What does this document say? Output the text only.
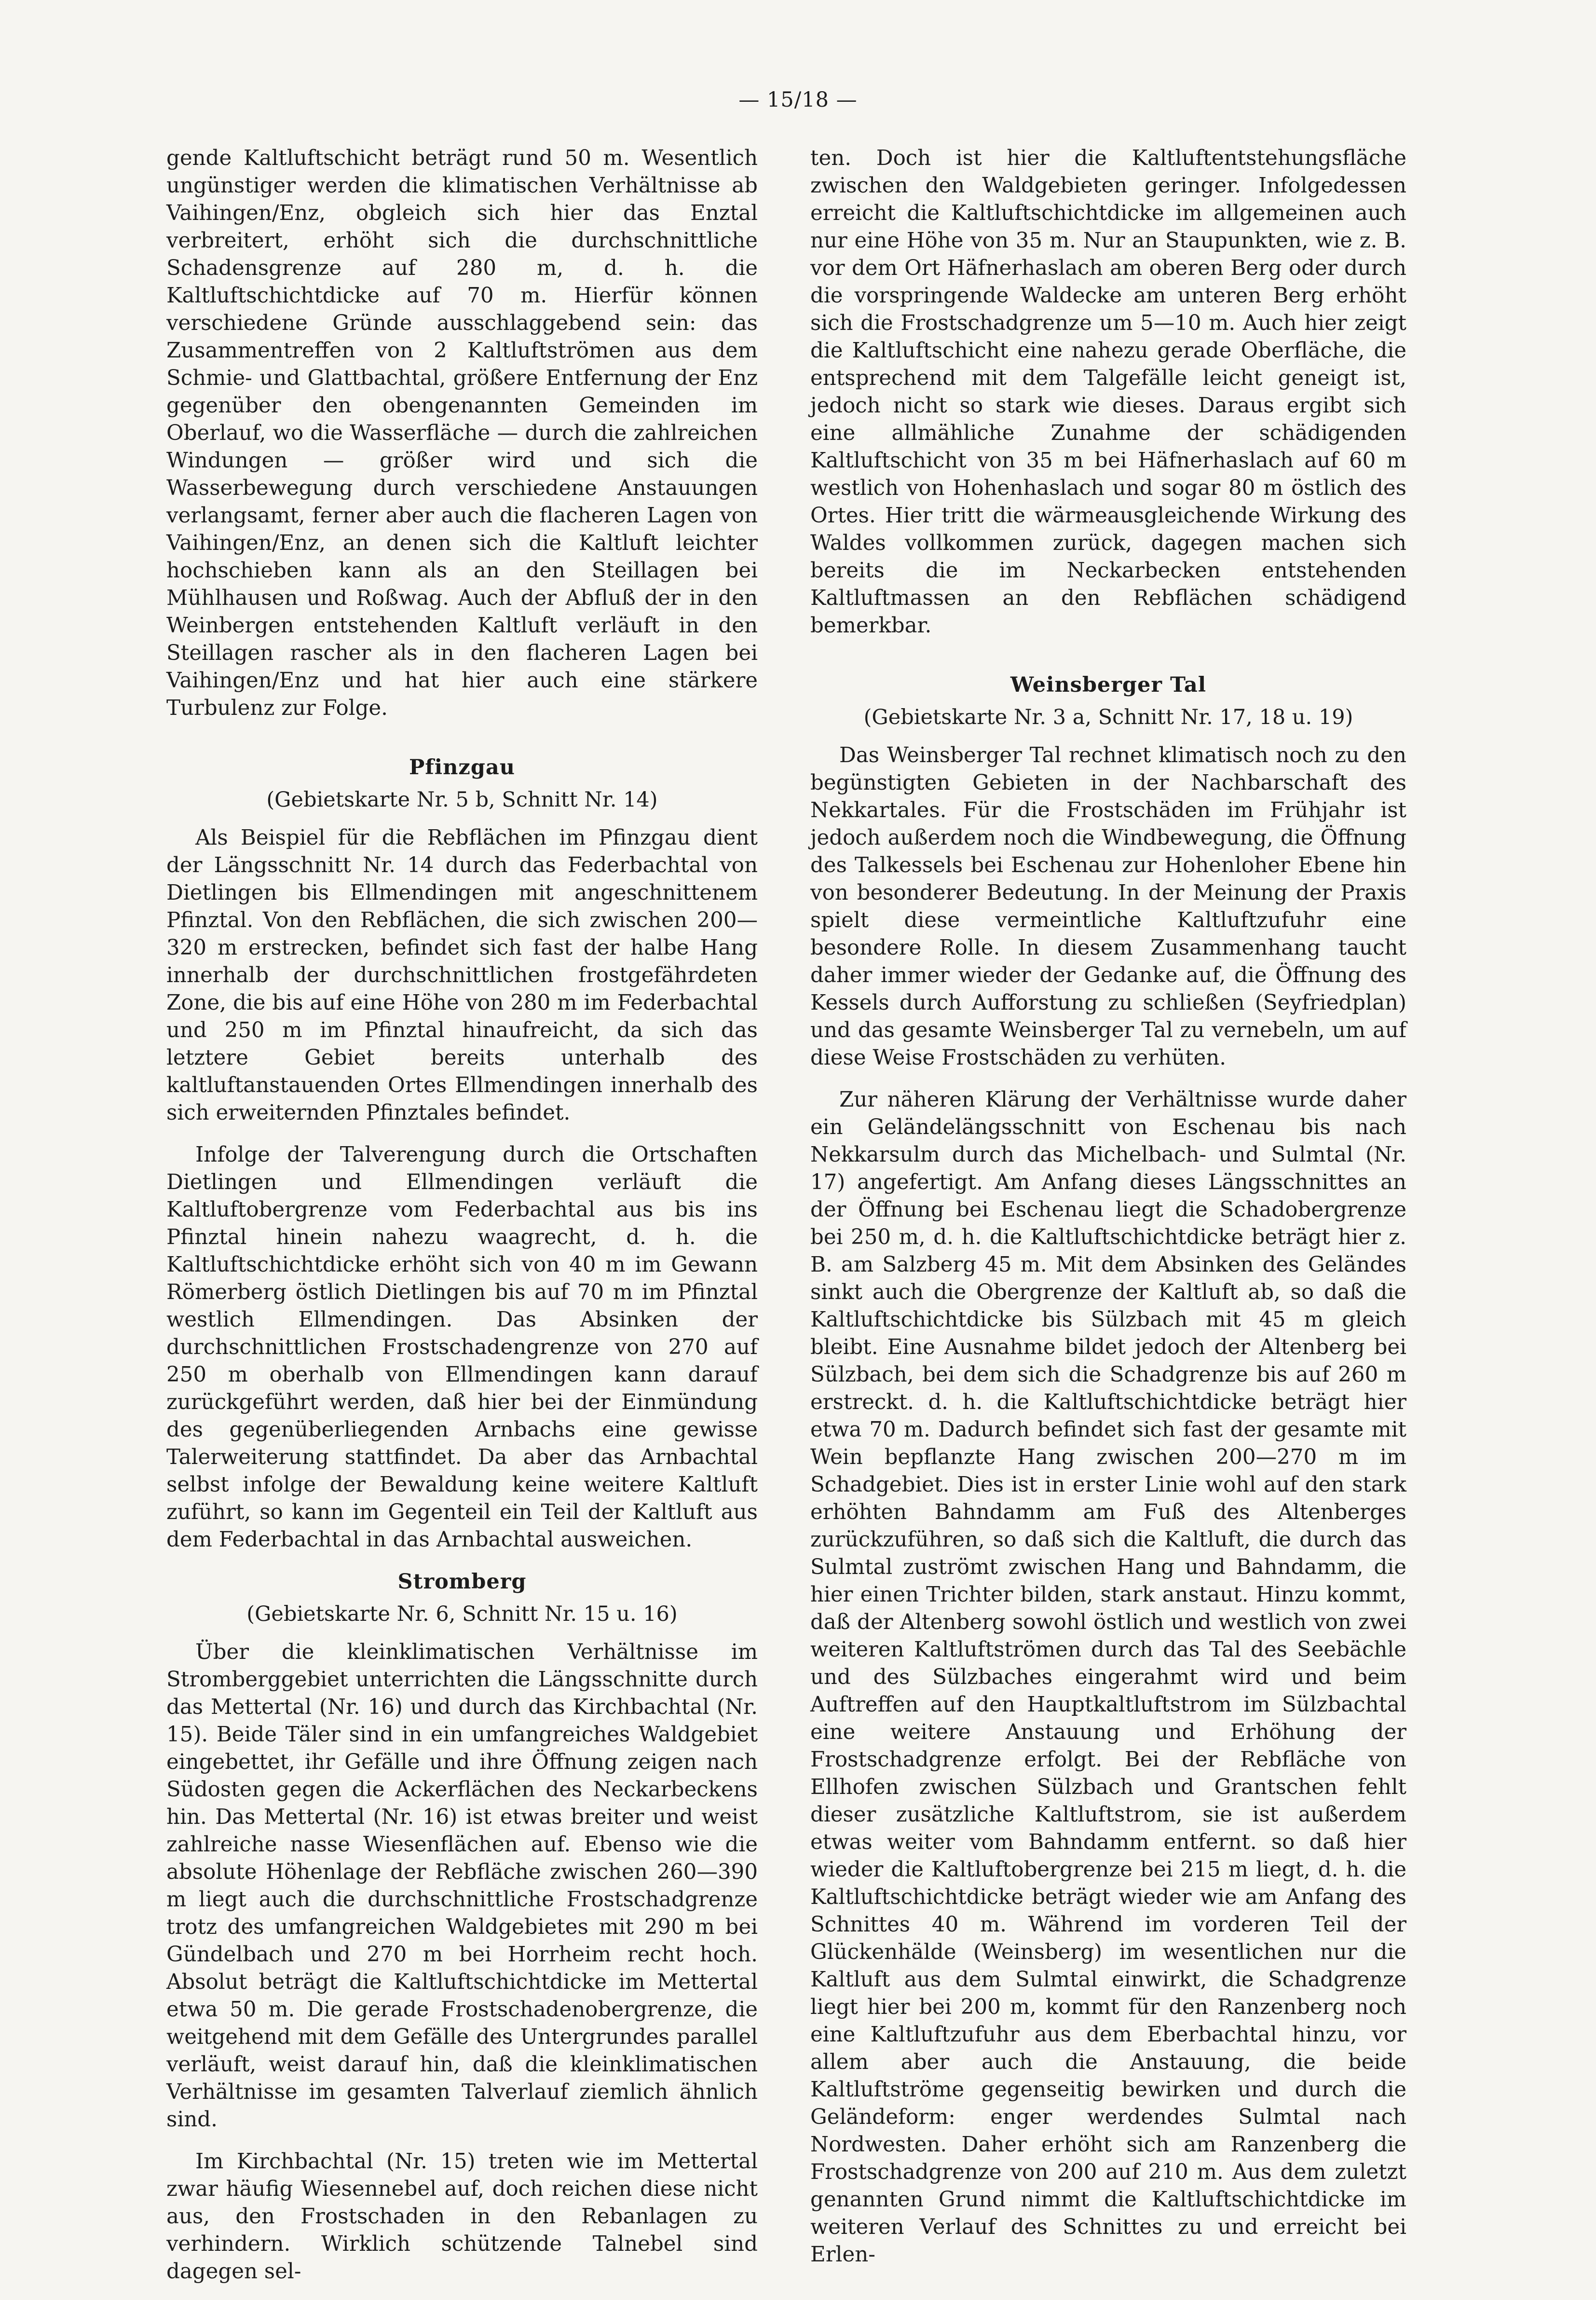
— 15/18 —

gende Kaltluftschicht beträgt rund 50 m. Wesentlich ungünstiger werden die klimatischen Verhältnisse ab Vaihingen/Enz, obgleich sich hier das Enztal verbreitert, erhöht sich die durchschnittliche Schadensgrenze auf 280 m, d. h. die Kaltluftschichtdicke auf 70 m. Hierfür können verschiedene Gründe ausschlaggebend sein: das Zusammentreffen von 2 Kaltluftströmen aus dem Schmie- und Glattbachtal, größere Entfernung der Enz gegenüber den obengenannten Gemeinden im Oberlauf, wo die Wasserfläche — durch die zahlreichen Windungen — größer wird und sich die Wasserbewegung durch verschiedene Anstauungen verlangsamt, ferner aber auch die flacheren Lagen von Vaihingen/Enz, an denen sich die Kaltluft leichter hochschieben kann als an den Steillagen bei Mühlhausen und Roßwag. Auch der Abfluß der in den Weinbergen entstehenden Kaltluft verläuft in den Steillagen rascher als in den flacheren Lagen bei Vaihingen/Enz und hat hier auch eine stärkere Turbulenz zur Folge.

Pfinzgau
(Gebietskarte Nr. 5 b, Schnitt Nr. 14)

Als Beispiel für die Rebflächen im Pfinzgau dient der Längsschnitt Nr. 14 durch das Federbachtal von Dietlingen bis Ellmendingen mit angeschnittenem Pfinztal. Von den Rebflächen, die sich zwischen 200—320 m erstrecken, befindet sich fast der halbe Hang innerhalb der durchschnittlichen frostgefährdeten Zone, die bis auf eine Höhe von 280 m im Federbachtal und 250 m im Pfinztal hinaufreicht, da sich das letztere Gebiet bereits unterhalb des kaltluftanstauenden Ortes Ellmendingen innerhalb des sich erweiternden Pfinztales befindet.

Infolge der Talverengung durch die Ortschaften Dietlingen und Ellmendingen verläuft die Kaltluftobergrenze vom Federbachtal aus bis ins Pfinztal hinein nahezu waagrecht, d. h. die Kaltluftschichtdicke erhöht sich von 40 m im Gewann Römerberg östlich Dietlingen bis auf 70 m im Pfinztal westlich Ellmendingen. Das Absinken der durchschnittlichen Frostschadengrenze von 270 auf 250 m oberhalb von Ellmendingen kann darauf zurückgeführt werden, daß hier bei der Einmündung des gegenüberliegenden Arnbachs eine gewisse Talerweiterung stattfindet. Da aber das Arnbachtal selbst infolge der Bewaldung keine weitere Kaltluft zuführt, so kann im Gegenteil ein Teil der Kaltluft aus dem Federbachtal in das Arnbachtal ausweichen.

Stromberg
(Gebietskarte Nr. 6, Schnitt Nr. 15 u. 16)

Über die kleinklimatischen Verhältnisse im Stromberggebiet unterrichten die Längsschnitte durch das Mettertal (Nr. 16) und durch das Kirchbachtal (Nr. 15). Beide Täler sind in ein umfangreiches Waldgebiet eingebettet, ihr Gefälle und ihre Öffnung zeigen nach Südosten gegen die Ackerflächen des Neckarbeckens hin. Das Mettertal (Nr. 16) ist etwas breiter und weist zahlreiche nasse Wiesenflächen auf. Ebenso wie die absolute Höhenlage der Rebfläche zwischen 260—390 m liegt auch die durchschnittliche Frostschadgrenze trotz des umfangreichen Waldgebietes mit 290 m bei Gündelbach und 270 m bei Horrheim recht hoch. Absolut beträgt die Kaltluftschichtdicke im Mettertal etwa 50 m. Die gerade Frostschadenobergrenze, die weitgehend mit dem Gefälle des Untergrundes parallel verläuft, weist darauf hin, daß die kleinklimatischen Verhältnisse im gesamten Talverlauf ziemlich ähnlich sind.

Im Kirchbachtal (Nr. 15) treten wie im Mettertal zwar häufig Wiesennebel auf, doch reichen diese nicht aus, den Frostschaden in den Rebanlagen zu verhindern. Wirklich schützende Talnebel sind dagegen sel-

ten. Doch ist hier die Kaltluftentstehungsfläche zwischen den Waldgebieten geringer. Infolgedessen erreicht die Kaltluftschichtdicke im allgemeinen auch nur eine Höhe von 35 m. Nur an Staupunkten, wie z. B. vor dem Ort Häfnerhaslach am oberen Berg oder durch die vorspringende Waldecke am unteren Berg erhöht sich die Frostschadgrenze um 5—10 m. Auch hier zeigt die Kaltluftschicht eine nahezu gerade Oberfläche, die entsprechend mit dem Talgefälle leicht geneigt ist, jedoch nicht so stark wie dieses. Daraus ergibt sich eine allmähliche Zunahme der schädigenden Kaltluftschicht von 35 m bei Häfnerhaslach auf 60 m westlich von Hohenhaslach und sogar 80 m östlich des Ortes. Hier tritt die wärmeausgleichende Wirkung des Waldes vollkommen zurück, dagegen machen sich bereits die im Neckarbecken entstehenden Kaltluftmassen an den Rebflächen schädigend bemerkbar.

Weinsberger Tal
(Gebietskarte Nr. 3 a, Schnitt Nr. 17, 18 u. 19)

Das Weinsberger Tal rechnet klimatisch noch zu den begünstigten Gebieten in der Nachbarschaft des Nekkartales. Für die Frostschäden im Frühjahr ist jedoch außerdem noch die Windbewegung, die Öffnung des Talkessels bei Eschenau zur Hohenloher Ebene hin von besonderer Bedeutung. In der Meinung der Praxis spielt diese vermeintliche Kaltluftzufuhr eine besondere Rolle. In diesem Zusammenhang taucht daher immer wieder der Gedanke auf, die Öffnung des Kessels durch Aufforstung zu schließen (Seyfriedplan) und das gesamte Weinsberger Tal zu vernebeln, um auf diese Weise Frostschäden zu verhüten.

Zur näheren Klärung der Verhältnisse wurde daher ein Geländelängsschnitt von Eschenau bis nach Nekkarsulm durch das Michelbach- und Sulmtal (Nr. 17) angefertigt. Am Anfang dieses Längsschnittes an der Öffnung bei Eschenau liegt die Schadobergrenze bei 250 m, d. h. die Kaltluftschichtdicke beträgt hier z. B. am Salzberg 45 m. Mit dem Absinken des Geländes sinkt auch die Obergrenze der Kaltluft ab, so daß die Kaltluftschichtdicke bis Sülzbach mit 45 m gleich bleibt. Eine Ausnahme bildet jedoch der Altenberg bei Sülzbach, bei dem sich die Schadgrenze bis auf 260 m erstreckt. d. h. die Kaltluftschichtdicke beträgt hier etwa 70 m. Dadurch befindet sich fast der gesamte mit Wein bepflanzte Hang zwischen 200—270 m im Schadgebiet. Dies ist in erster Linie wohl auf den stark erhöhten Bahndamm am Fuß des Altenberges zurückzuführen, so daß sich die Kaltluft, die durch das Sulmtal zuströmt zwischen Hang und Bahndamm, die hier einen Trichter bilden, stark anstaut. Hinzu kommt, daß der Altenberg sowohl östlich und westlich von zwei weiteren Kaltluftströmen durch das Tal des Seebächle und des Sülzbaches eingerahmt wird und beim Auftreffen auf den Hauptkaltluftstrom im Sülzbachtal eine weitere Anstauung und Erhöhung der Frostschadgrenze erfolgt. Bei der Rebfläche von Ellhofen zwischen Sülzbach und Grantschen fehlt dieser zusätzliche Kaltluftstrom, sie ist außerdem etwas weiter vom Bahndamm entfernt. so daß hier wieder die Kaltluftobergrenze bei 215 m liegt, d. h. die Kaltluftschichtdicke beträgt wieder wie am Anfang des Schnittes 40 m. Während im vorderen Teil der Glückenhälde (Weinsberg) im wesentlichen nur die Kaltluft aus dem Sulmtal einwirkt, die Schadgrenze liegt hier bei 200 m, kommt für den Ranzenberg noch eine Kaltluftzufuhr aus dem Eberbachtal hinzu, vor allem aber auch die Anstauung, die beide Kaltluftströme gegenseitig bewirken und durch die Geländeform: enger werdendes Sulmtal nach Nordwesten. Daher erhöht sich am Ranzenberg die Frostschadgrenze von 200 auf 210 m. Aus dem zuletzt genannten Grund nimmt die Kaltluftschichtdicke im weiteren Verlauf des Schnittes zu und erreicht bei Erlen-
